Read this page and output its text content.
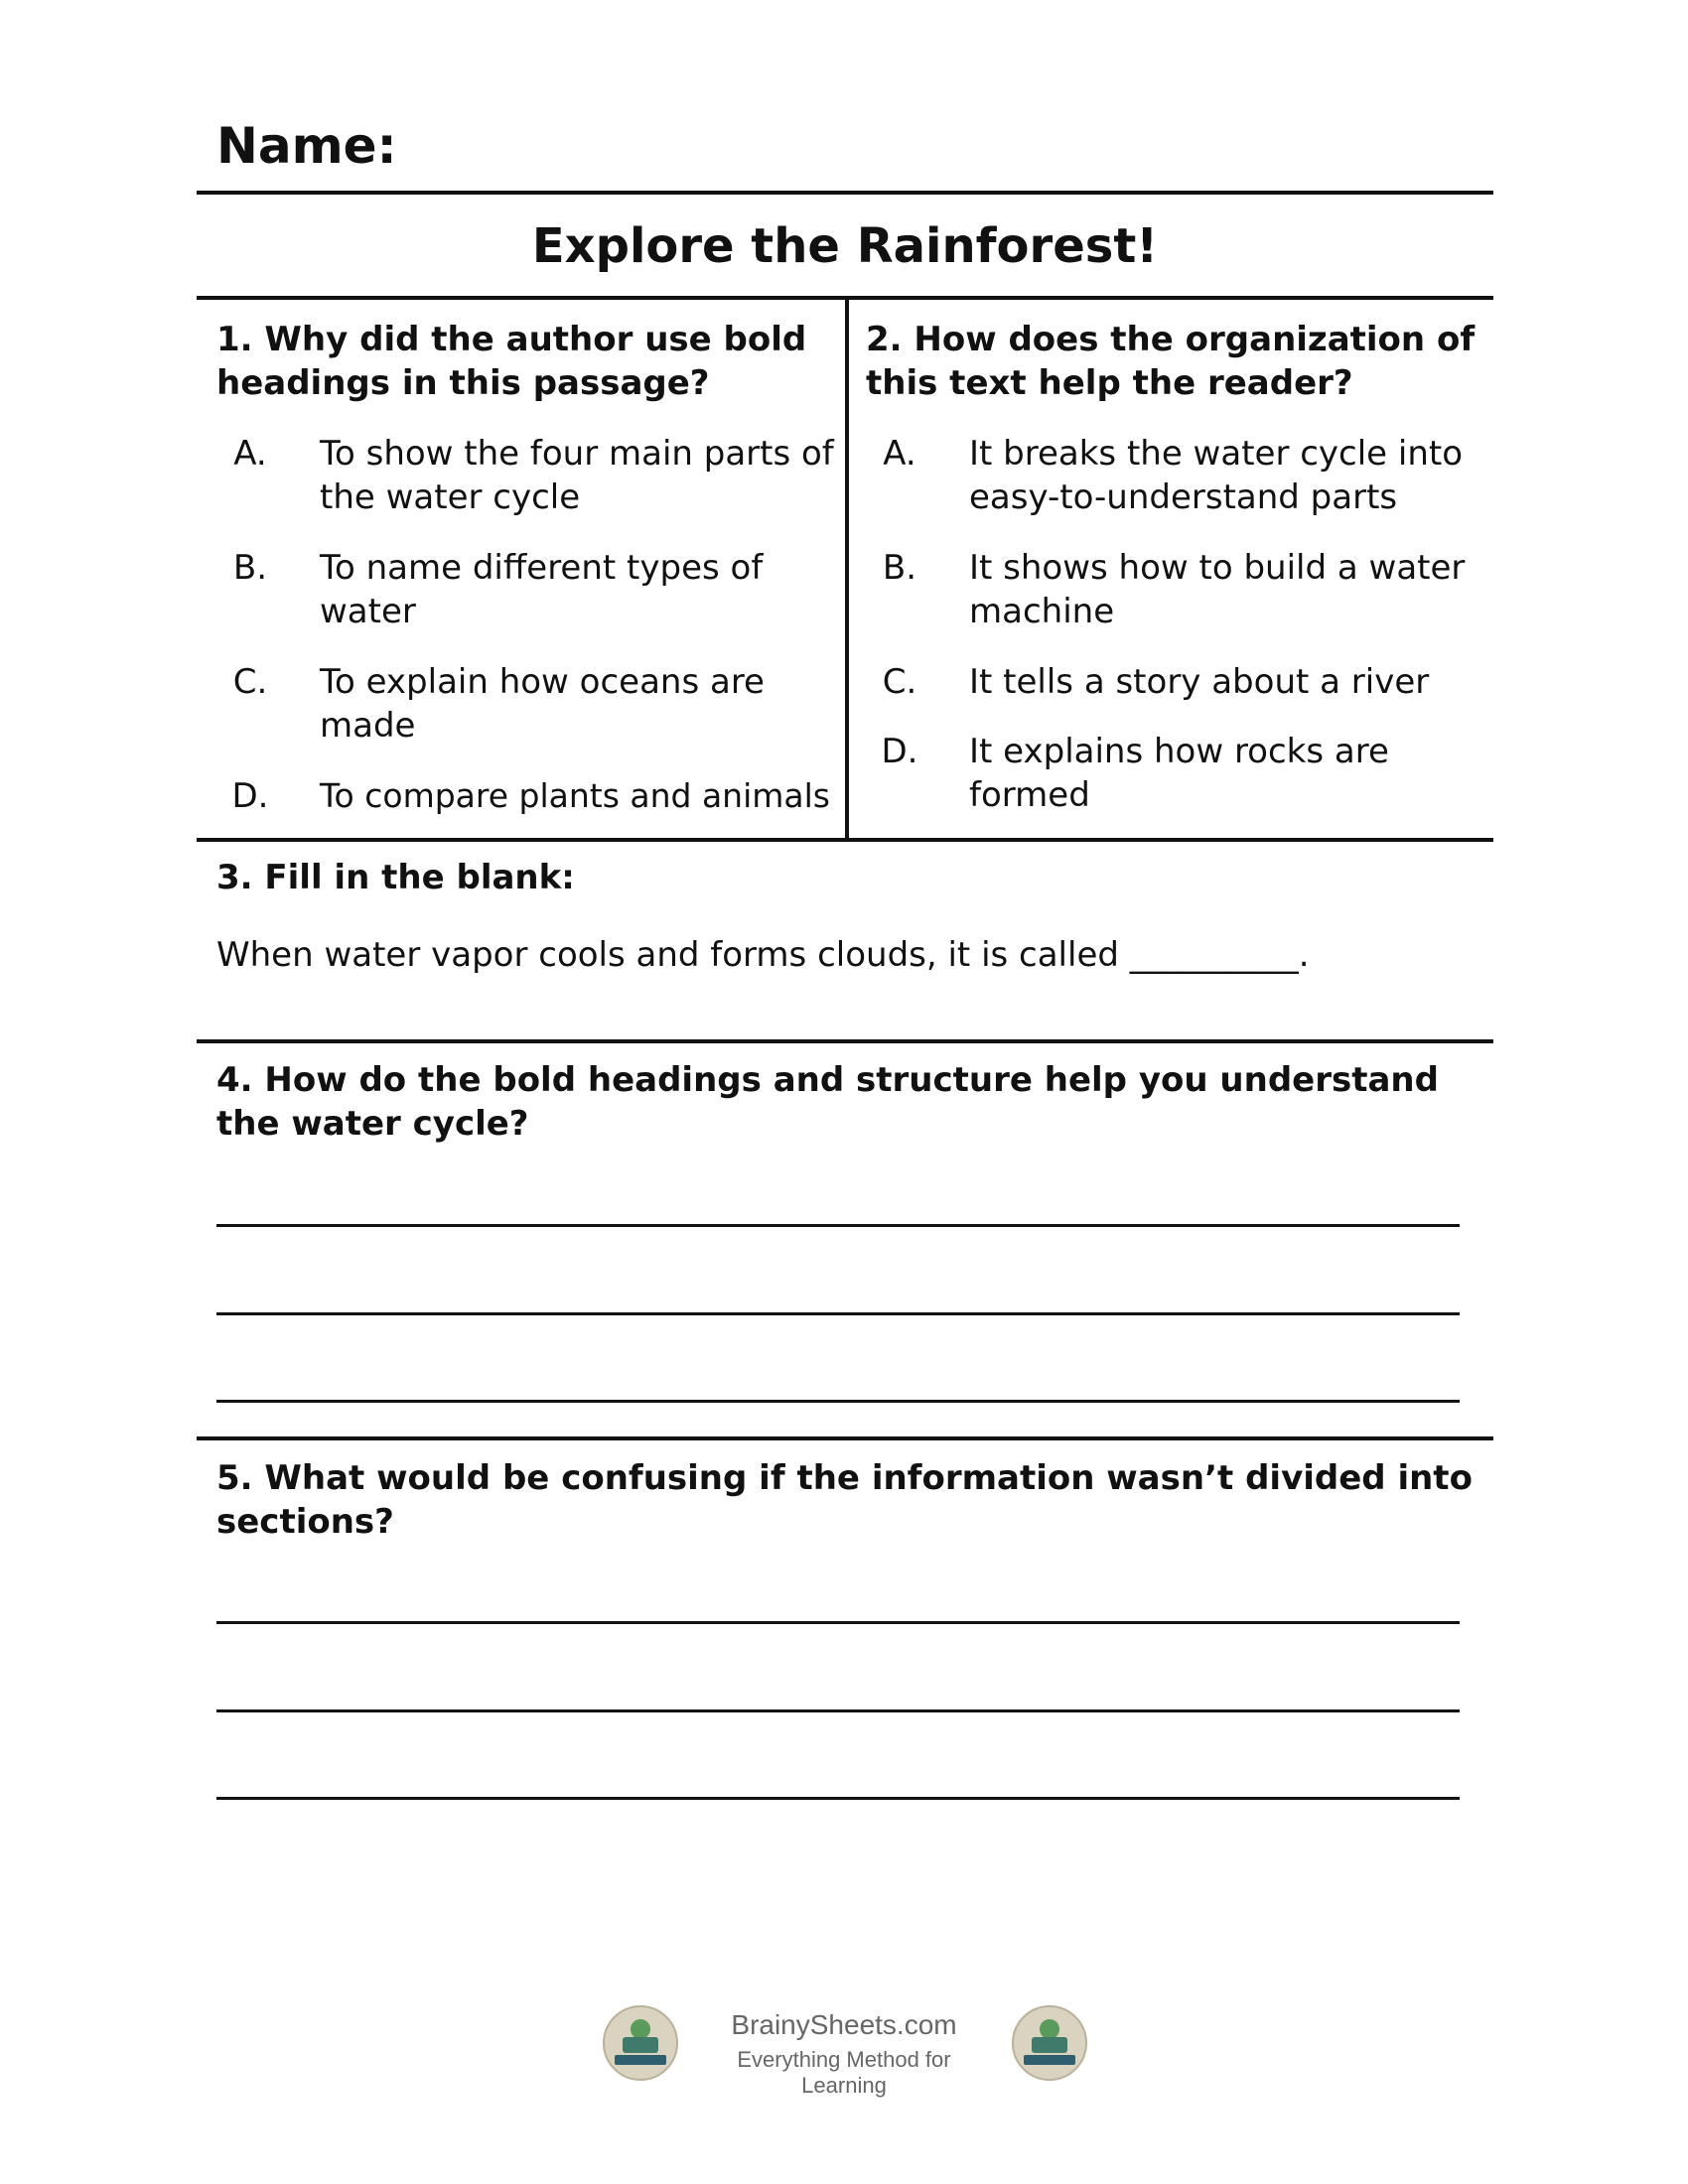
Name:
Explore the Rainforest!
1. Why did the author use bold headings in this passage?
A.	To show the four main parts of the water cycle
B.	To name different types of water
C.	To explain how oceans are made
D.	To compare plants and animals
2. How does the organization of this text help the reader?
A.	It breaks the water cycle into easy-to-understand parts
B.	It shows how to build a water machine
C.	It tells a story about a river
D.	It explains how rocks are formed
3. Fill in the blank:
When water vapor cools and forms clouds, it is called __________.
4. How do the bold headings and structure help you understand the water cycle?
5. What would be confusing if the information wasn’t divided into sections?
BrainySheets.com
Everything Method for Learning
